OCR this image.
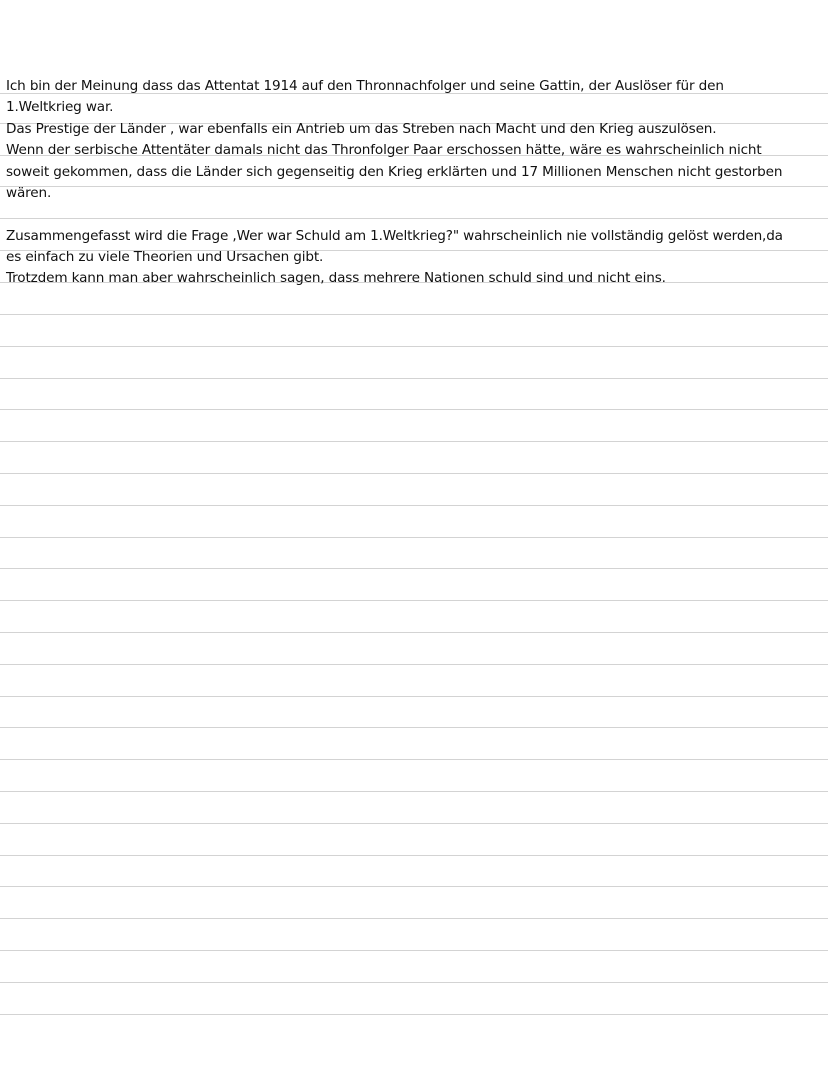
Ich bin der Meinung dass das Attentat 1914 auf den Thronnachfolger und seine Gattin, der Auslöser für den
1.Weltkrieg war.
Das Prestige der Länder , war ebenfalls ein Antrieb um das Streben nach Macht und den Krieg auszulösen.
Wenn der serbische Attentäter damals nicht das Thronfolger Paar erschossen hätte, wäre es wahrscheinlich nicht
soweit gekommen, dass die Länder sich gegenseitig den Krieg erklärten und 17 Millionen Menschen nicht gestorben
wären.
Zusammengefasst wird die Frage ,Wer war Schuld am 1.Weltkrieg?" wahrscheinlich nie vollständig gelöst werden,da
es einfach zu viele Theorien und Ursachen gibt.
Trotzdem kann man aber wahrscheinlich sagen, dass mehrere Nationen schuld sind und nicht eins.
